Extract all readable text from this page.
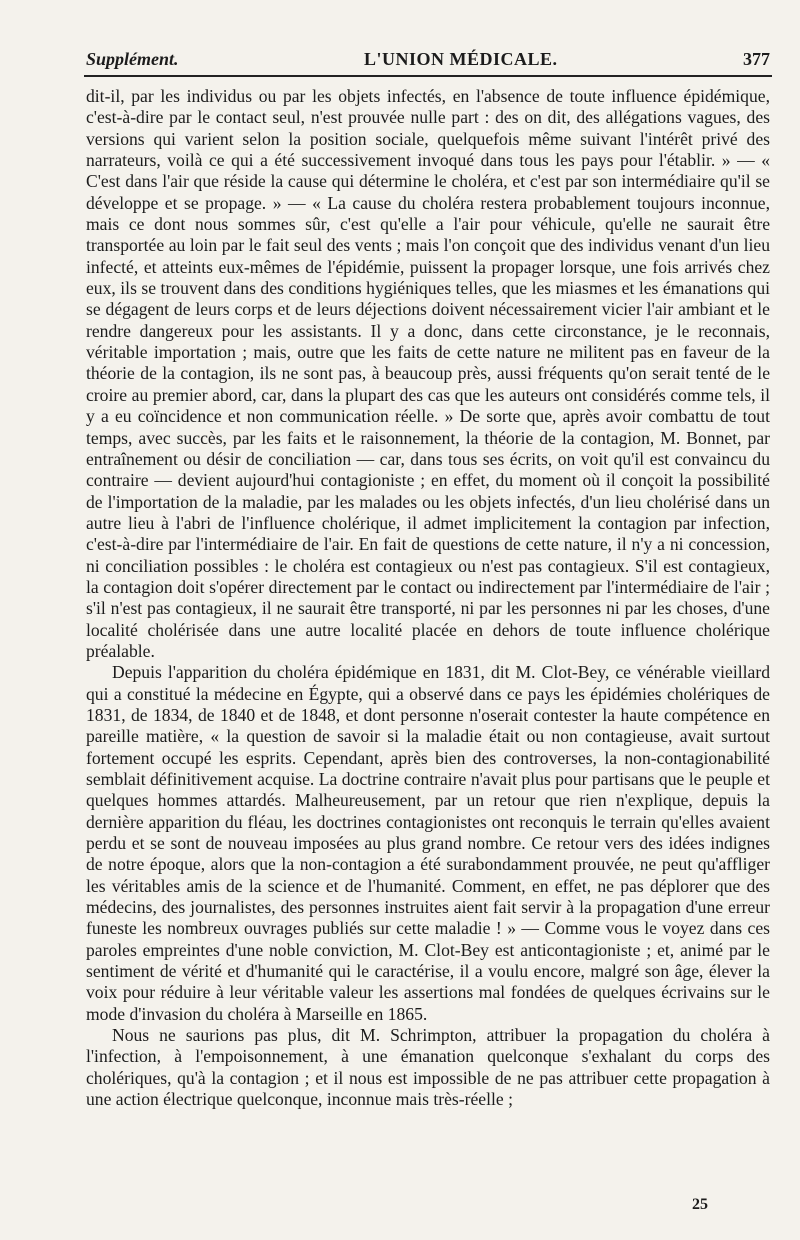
Supplément.	L'UNION MÉDICALE.	377

dit-il, par les individus ou par les objets infectés, en l'absence de toute influence épidémique, c'est-à-dire par le contact seul, n'est prouvée nulle part : des on dit, des allégations vagues, des versions qui varient selon la position sociale, quelquefois même suivant l'intérêt privé des narrateurs, voilà ce qui a été successivement invoqué dans tous les pays pour l'établir. » — « C'est dans l'air que réside la cause qui détermine le choléra, et c'est par son intermédiaire qu'il se développe et se propage. » — « La cause du choléra restera probablement toujours inconnue, mais ce dont nous sommes sûr, c'est qu'elle a l'air pour véhicule, qu'elle ne saurait être transportée au loin par le fait seul des vents ; mais l'on conçoit que des individus venant d'un lieu infecté, et atteints eux-mêmes de l'épidémie, puissent la propager lorsque, une fois arrivés chez eux, ils se trouvent dans des conditions hygiéniques telles, que les miasmes et les émanations qui se dégagent de leurs corps et de leurs déjections doivent nécessairement vicier l'air ambiant et le rendre dangereux pour les assistants. Il y a donc, dans cette circonstance, je le reconnais, véritable importation ; mais, outre que les faits de cette nature ne militent pas en faveur de la théorie de la contagion, ils ne sont pas, à beaucoup près, aussi fréquents qu'on serait tenté de le croire au premier abord, car, dans la plupart des cas que les auteurs ont considérés comme tels, il y a eu coïncidence et non communication réelle. » De sorte que, après avoir combattu de tout temps, avec succès, par les faits et le raisonnement, la théorie de la contagion, M. Bonnet, par entraînement ou désir de conciliation — car, dans tous ses écrits, on voit qu'il est convaincu du contraire — devient aujourd'hui contagioniste ; en effet, du moment où il conçoit la possibilité de l'importation de la maladie, par les malades ou les objets infectés, d'un lieu cholérisé dans un autre lieu à l'abri de l'influence cholérique, il admet implicitement la contagion par infection, c'est-à-dire par l'intermédiaire de l'air. En fait de questions de cette nature, il n'y a ni concession, ni conciliation possibles : le choléra est contagieux ou n'est pas contagieux. S'il est contagieux, la contagion doit s'opérer directement par le contact ou indirectement par l'intermédiaire de l'air ; s'il n'est pas contagieux, il ne saurait être transporté, ni par les personnes ni par les choses, d'une localité cholérisée dans une autre localité placée en dehors de toute influence cholérique préalable.

Depuis l'apparition du choléra épidémique en 1831, dit M. Clot-Bey, ce vénérable vieillard qui a constitué la médecine en Égypte, qui a observé dans ce pays les épidémies cholériques de 1831, de 1834, de 1840 et de 1848, et dont personne n'oserait contester la haute compétence en pareille matière, « la question de savoir si la maladie était ou non contagieuse, avait surtout fortement occupé les esprits. Cependant, après bien des controverses, la non-contagionabilité semblait définitivement acquise. La doctrine contraire n'avait plus pour partisans que le peuple et quelques hommes attardés. Malheureusement, par un retour que rien n'explique, depuis la dernière apparition du fléau, les doctrines contagionistes ont reconquis le terrain qu'elles avaient perdu et se sont de nouveau imposées au plus grand nombre. Ce retour vers des idées indignes de notre époque, alors que la non-contagion a été surabondamment prouvée, ne peut qu'affliger les véritables amis de la science et de l'humanité. Comment, en effet, ne pas déplorer que des médecins, des journalistes, des personnes instruites aient fait servir à la propagation d'une erreur funeste les nombreux ouvrages publiés sur cette maladie ! » — Comme vous le voyez dans ces paroles empreintes d'une noble conviction, M. Clot-Bey est anticontagioniste ; et, animé par le sentiment de vérité et d'humanité qui le caractérise, il a voulu encore, malgré son âge, élever la voix pour réduire à leur véritable valeur les assertions mal fondées de quelques écrivains sur le mode d'invasion du choléra à Marseille en 1865.

Nous ne saurions pas plus, dit M. Schrimpton, attribuer la propagation du choléra à l'infection, à l'empoisonnement, à une émanation quelconque s'exhalant du corps des cholériques, qu'à la contagion ; et il nous est impossible de ne pas attribuer cette propagation à une action électrique quelconque, inconnue mais très-réelle ;

25
